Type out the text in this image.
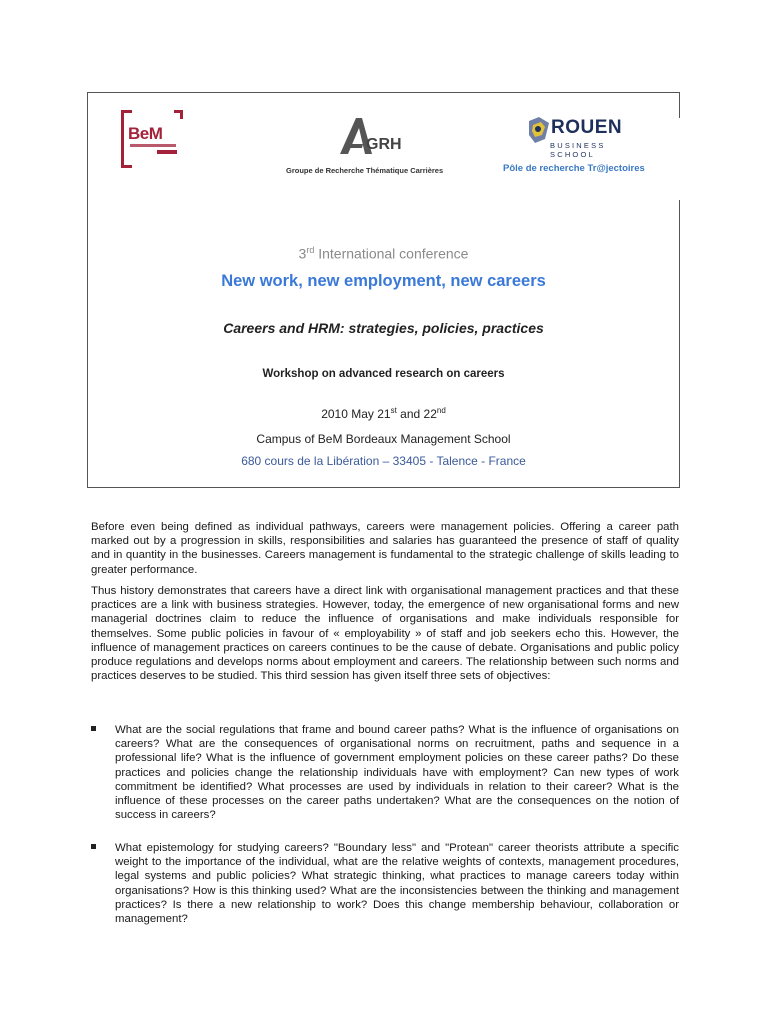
BeM
GRH
Groupe de Recherche Thématique Carrières
ROUEN
BUSINESS SCHOOL
Pôle de recherche Tr@jectoires
3rd International conference
New work, new employment, new careers
Careers and HRM: strategies, policies, practices
Workshop on advanced research on careers
2010 May 21st and 22nd
Campus of BeM Bordeaux Management School
680 cours de la Libération – 33405 - Talence - France

Before even being defined as individual pathways, careers were management policies. Offering a career path marked out by a progression in skills, responsibilities and salaries has guaranteed the presence of staff of quality and in quantity in the businesses. Careers management is fundamental to the strategic challenge of skills leading to greater performance.

Thus history demonstrates that careers have a direct link with organisational management practices and that these practices are a link with business strategies. However, today, the emergence of new organisational forms and new managerial doctrines claim to reduce the influence of organisations and make individuals responsible for themselves. Some public policies in favour of « employability » of staff and job seekers echo this. However, the influence of management practices on careers continues to be the cause of debate. Organisations and public policy produce regulations and develops norms about employment and careers. The relationship between such norms and practices deserves to be studied. This third session has given itself three sets of objectives:

What are the social regulations that frame and bound career paths? What is the influence of organisations on careers? What are the consequences of organisational norms on recruitment, paths and sequence in a professional life? What is the influence of government employment policies on these career paths? Do these practices and policies change the relationship individuals have with employment? Can new types of work commitment be identified? What processes are used by individuals in relation to their career? What is the influence of these processes on the career paths undertaken? What are the consequences on the notion of success in careers?

What epistemology for studying careers? "Boundary less" and "Protean" career theorists attribute a specific weight to the importance of the individual, what are the relative weights of contexts, management procedures, legal systems and public policies? What strategic thinking, what practices to manage careers today within organisations? How is this thinking used? What are the inconsistencies between the thinking and management practices? Is there a new relationship to work? Does this change membership behaviour, collaboration or management?
